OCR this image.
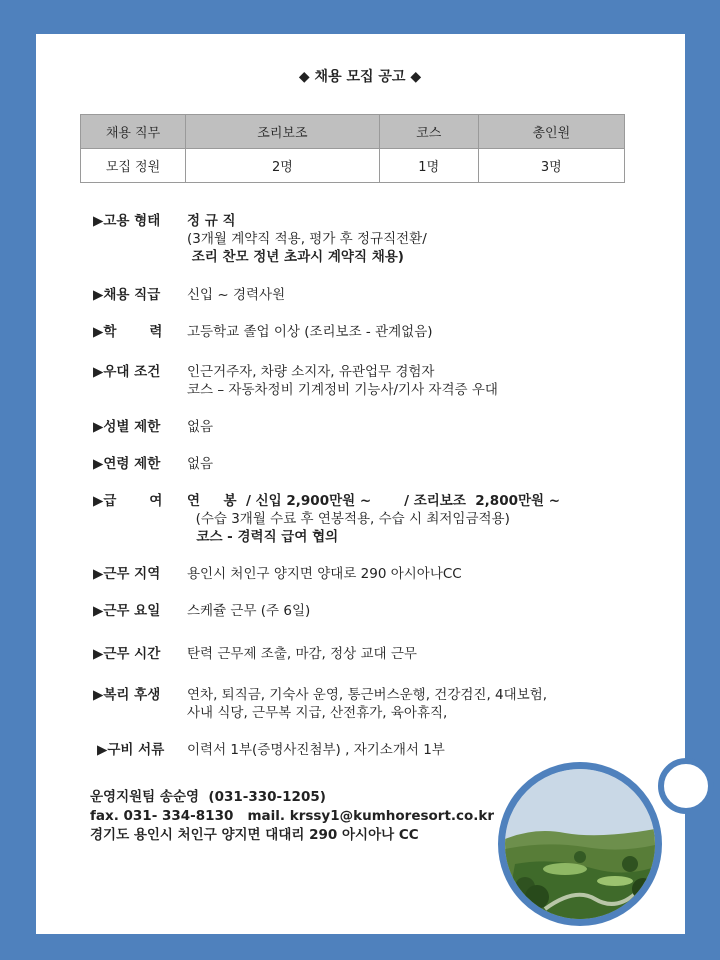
◆ 채용 모집 공고 ◆
채용 직무	조리보조	코스	총인원
모집 정원	2명	1명	3명
▶고용 형태 정 규 직
(3개월 계약직 적용, 평가 후 정규직전환/
조리 찬모 정년 초과시 계약직 채용)
▶채용 직급 신입 ~ 경력사원
▶학       력 고등학교 졸업 이상 (조리보조 - 관계없음)
▶우대 조건 인근거주자, 차량 소지자, 유관업무 경험자
코스 – 자동차정비 기계정비 기능사/기사 자격증 우대
▶성별 제한 없음
▶연령 제한 없음
▶급       여 연     봉  / 신입 2,900만원 ~       / 조리보조  2,800만원 ~
(수습 3개월 수료 후 연봉적용, 수습 시 최저임금적용)
코스 - 경력직 급여 협의
▶근무 지역 용인시 처인구 양지면 양대로 290 아시아나CC
▶근무 요일 스케쥴 근무 (주 6일)
▶근무 시간 탄력 근무제 조출, 마감, 정상 교대 근무
▶복리 후생 연차, 퇴직금, 기숙사 운영, 통근버스운행, 건강검진, 4대보험,
사내 식당, 근무복 지급, 산전휴가, 육아휴직,
▶구비 서류 이력서 1부(증명사진첨부) , 자기소개서 1부
운영지원팀 송순영  (031-330-1205)
fax. 031- 334-8130   mail. krssy1@kumhoresort.co.kr
경기도 용인시 처인구 양지면 대대리 290 아시아나 CC
